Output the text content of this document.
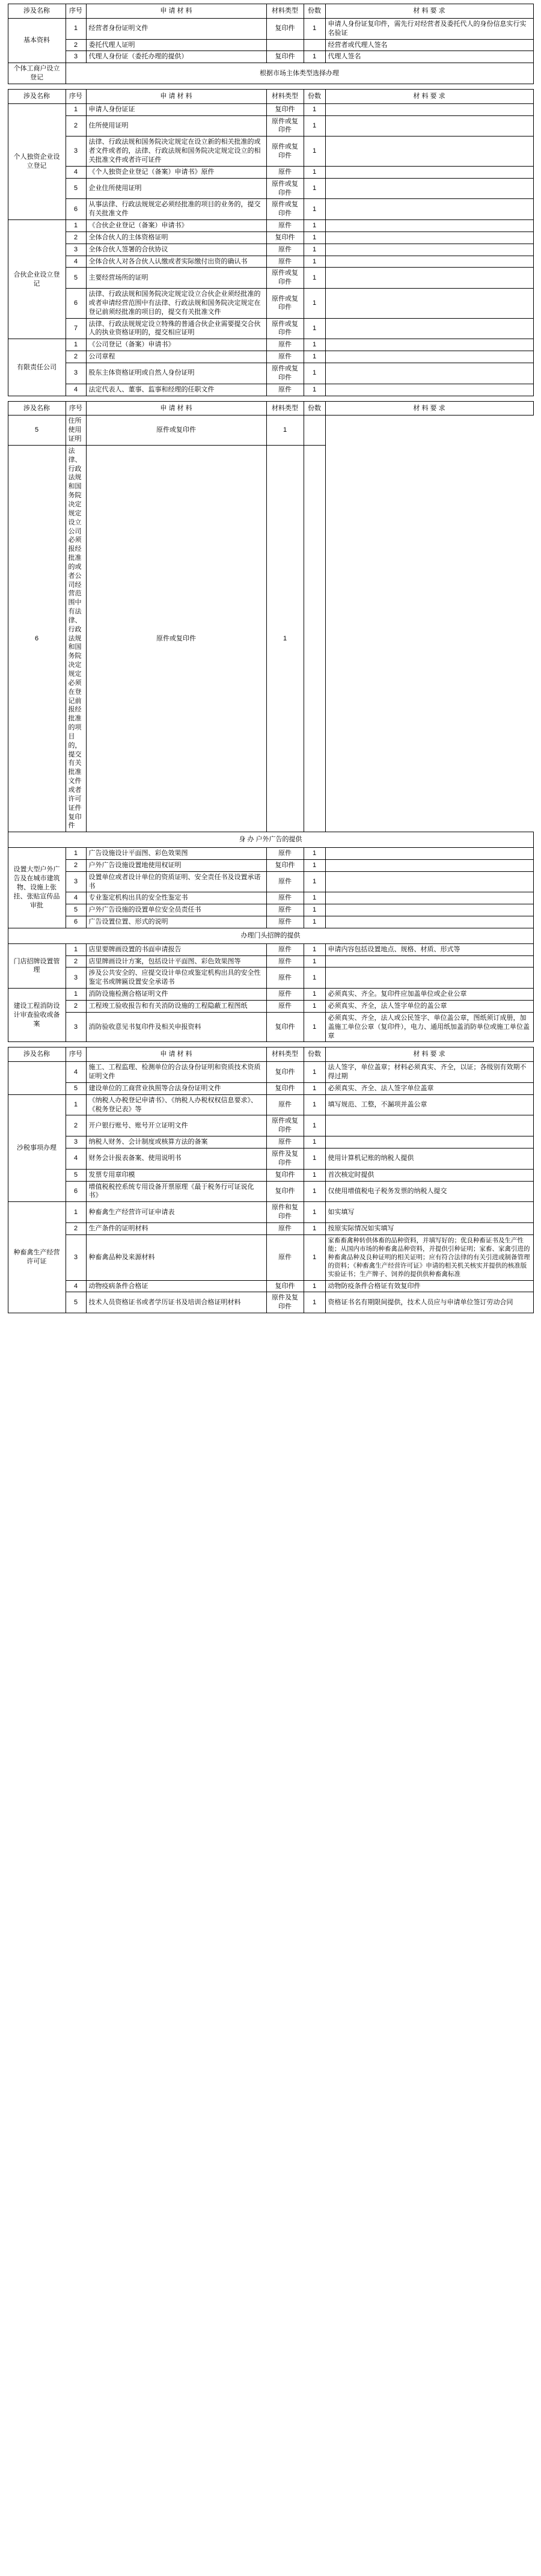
涉及名称	序号	申 请 材 料	材料类型	份数	材 料 要 求
基本资料	1	经营者身份证明文件	复印件	1	申请人身份证复印件，需先行对经营者及委托代人的身份信息实行实名验证
	2	委托代理人证明			经营者或代理人签名
	3	代理人身份证（委托办理的提供）	复印件	1	代理人签名
个体工商户设立登记	根据市场主体类型选择办理				
涉及名称	序号	申 请 材 料	材料类型	份数	材 料 要 求
个人独资企业设立登记	1	申请人身份证证	复印件	1	
	2	住所使用证明	原件或复印件	1	
	3	法律、行政法规和国务院决定规定在设立新的相关批准的或者文件或者的，法律、行政法规和国务院决定规定设立的相关批准文件或者许可证件	原件或复印件	1	
	4	《个人独资企业登记（备案）申请书》原件	原件	1	
	5	企业住所使用证明	原件或复印件	1	
	6	从事法律、行政法规规定必须经批准的项目的业务的，提交有关批准文件	原件或复印件	1	
合伙企业设立登记	1	《合伙企业登记（备案）申请书》	原件	1	
	2	全体合伙人的主体资格证明	复印件	1	
	3	全体合伙人签署的合伙协议	原件	1	
	4	全体合伙人对各合伙人认缴或者实际缴付出资的确认书	原件	1	
	5	主要经营场所的证明	原件或复印件	1	
	6	法律、行政法规和国务院决定规定设立合伙企业须经批准的或者申请经营范围中有法律、行政法规和国务院决定规定在登记前须经批准的项目的，提交有关批准文件	原件或复印件	1	
	7	法律、行政法规规定设立特殊的普通合伙企业需要提交合伙人的执业资格证明的，提交相应证明	原件或复印件	1	
有限责任公司	1	《公司登记（备案）申请书》	原件	1	
	2	公司章程	原件	1	
	3	股东主体资格证明或自然人身份证明	原件或复印件	1	
	4	法定代表人、董事、监事和经理的任职文件	原件	1	
涉及名称	序号	申 请 材 料	材料类型	份数	材 料 要 求
5	住所使用证明	原件或复印件	1		
6	法律、行政法规和国务院决定规定设立公司必须报经批准的或者公司经营范围中有法律、行政法规和国务院决定规定必须在登记前报经批准的项目的，提交有关批准文件或者许可证件复印件	原件或复印件	1		
身 办 户外广告的提供					
设置大型户外广告及在城市建筑物、设施上张挂、张贴宣传品审批	1	广告设施设计平面图、彩色效果图	原件	1	
	2	户外广告设施设置地使用权证明	复印件	1	
	3	设置单位或者设计单位的资质证明、安全责任书及设置承诺书	原件	1	
	4	专业鉴定机构出具的安全性鉴定书	原件	1	
	5	户外广告设施的设置单位安全员责任书	原件	1	
	6	广告设置位置、形式的说明	原件	1	
办理门头招牌的提供					
门店招牌设置管理	1	店里要牌画设置的书面申请报告	原件	1	申请内容包括设置地点、规格、材质、形式等
	2	店里牌画设计方案，包括设计平面图、彩色效果图等	原件	1	
	3	涉及公共安全的、应提交设计单位或鉴定机构出具的安全性鉴定书或牌匾设置安全承诺书	原件	1	
建设工程消防设计审查验收或备案	1	消防设施检测合格证明文件	原件	1	必须真实、齐全。复印件应加盖单位或企业公章
	2	工程竣工验收报告和有关消防设施的工程隐蔽工程图纸	原件	1	必须真实、齐全，法人签字单位的盖公章
	3	消防验收意见书复印件及相关申报资料	复印件	1	必须真实、齐全，法人或公民签字、单位盖公章，图纸须订成册，加盖施工单位公章（复印件），电力、通用纸加盖消防单位或施工单位盖章
涉及名称	序号	申 请 材 料	材料类型	份数	材 料 要 求
	4	施工、工程监理、检测单位的合法身份证明和资质技术资质证明文件	复印件	1	法人签字，单位盖章；材料必须真实、齐全，以证；各级别有效期不得过期
	5	建设单位的工商营业执照等合法身份证明文件	复印件	1	必须真实、齐全、法人签字单位盖章
沙税事项办理	1	《纳税人办税登记申请书》、《纳税人办税权权信息要求》、《税务登记表》等	原件	1	填写规范、工整，不漏项并盖公章
	2	开户银行账号、账号开立证明文件	原件或复印件	1	
	3	纳税人财务、会计制度或核算方法的备案	原件	1	
	4	财务会计报表备案、使用说明书	原件及复印件	1	使用计算机记账的纳税人提供
	5	发票专用章印模	复印件	1	首次核定时提供
	6	增值税税控系统专用设备开票原理《最于税务行可证说化书》	复印件	1	仅使用增值税电子税务发票的纳税人提交
种畜禽生产经营许可证	1	种畜禽生产经营许可证申请表	原件和复印件	1	如实填写
	2	生产条件的证明材料	原件	1	按原实际情况如实填写
	3	种畜禽品种及来源材料	原件	1	家畜畜禽种转供体畜的品种资料，并填写好的；优良种畜证书及生产性能；从国内市场的种畜禽品种资料，并提供引种证明；家畜、家禽引进的种畜禽品种及良种证明的相关证明；应有符合法律的有关引进或制备管理的资料；《种畜禽生产经营许可证》申请的相关机关核实并提供的核准版实验证书；生产牌子、饲养的提供供种畜禽标准
	4	动物疫病条件合格证	复印件	1	动物防疫条件合格证有效复印件
	5	技术人员资格证书或者学历证书及培训合格证明材料	原件及复印件	1	资格证书名有期限间提供，技术人员应与申请单位签订劳动合同
